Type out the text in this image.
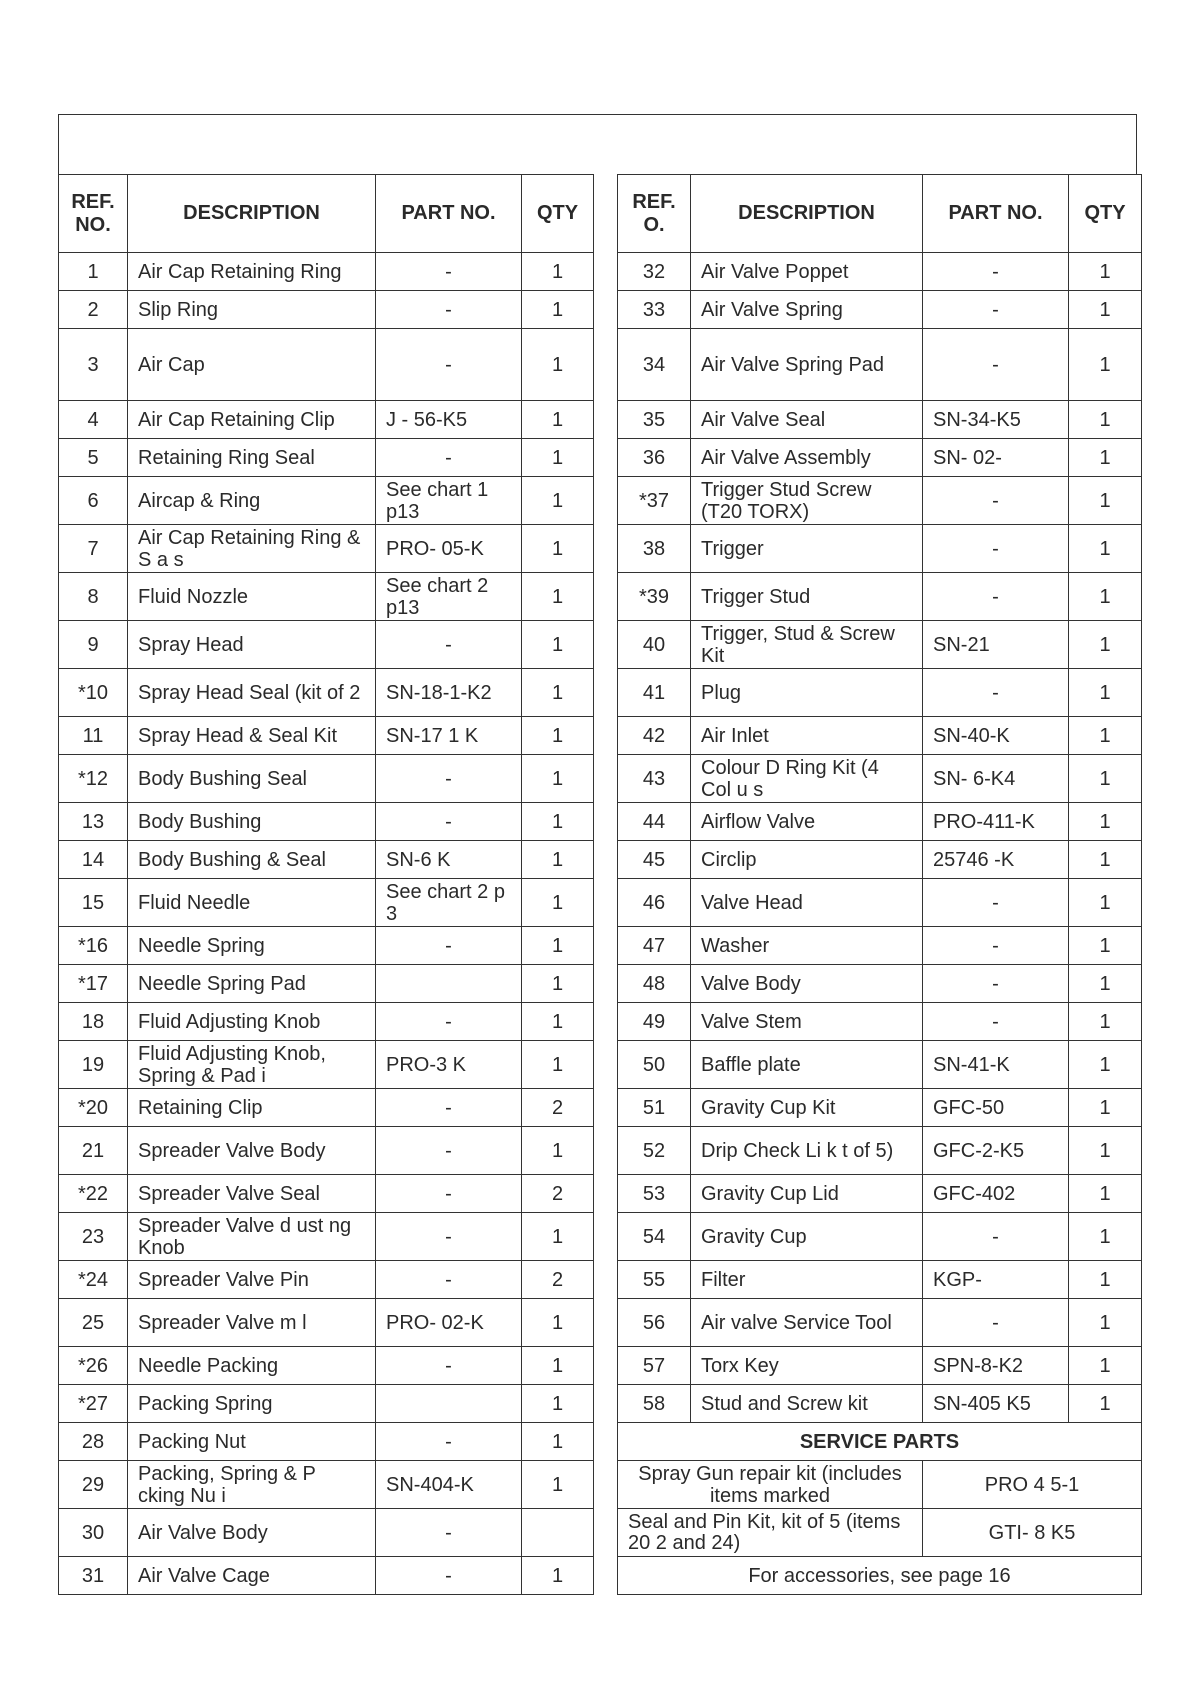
REF. NO.	DESCRIPTION	PART NO.	QTY
1	Air Cap Retaining Ring	-	1
2	Slip Ring	-	1
3	Air Cap	-	1
4	Air Cap Retaining Clip	J - 56-K5	1
5	Retaining Ring Seal	-	1
6	Aircap & Ring	See chart 1 p13	1
7	Air Cap Retaining Ring & S a s	PRO- 05-K	1
8	Fluid Nozzle	See chart 2 p13	1
9	Spray Head	-	1
*10	Spray Head Seal (kit of 2	SN-18-1-K2	1
11	Spray Head & Seal Kit	SN-17 1 K	1
*12	Body Bushing Seal	-	1
13	Body Bushing	-	1
14	Body Bushing & Seal	SN-6 K	1
15	Fluid Needle	See chart 2 p 3	1
*16	Needle Spring	-	1
*17	Needle Spring Pad		1
18	Fluid Adjusting Knob	-	1
19	Fluid Adjusting Knob, Spring & Pad i	PRO-3 K	1
*20	Retaining Clip	-	2
21	Spreader Valve Body	-	1
*22	Spreader Valve Seal	-	2
23	Spreader Valve d ust ng Knob	-	1
*24	Spreader Valve Pin	-	2
25	Spreader Valve m l	PRO- 02-K	1
*26	Needle Packing	-	1
*27	Packing Spring		1
28	Packing Nut	-	1
29	Packing, Spring & P cking Nu i	SN-404-K	1
30	Air Valve Body	-	
31	Air Valve Cage	-	1
REF. O.	DESCRIPTION	PART NO.	QTY
32	Air Valve Poppet	-	1
33	Air Valve Spring	-	1
34	Air Valve Spring Pad	-	1
35	Air Valve Seal	SN-34-K5	1
36	Air Valve Assembly	SN- 02-	1
*37	Trigger Stud Screw (T20 TORX)	-	1
38	Trigger	-	1
*39	Trigger Stud	-	1
40	Trigger, Stud & Screw Kit	SN-21	1
41	Plug	-	1
42	Air Inlet	SN-40-K	1
43	Colour D Ring Kit (4 Col u s	SN- 6-K4	1
44	Airflow Valve	PRO-411-K	1
45	Circlip	25746 -K	1
46	Valve Head	-	1
47	Washer	-	1
48	Valve Body	-	1
49	Valve Stem	-	1
50	Baffle plate	SN-41-K	1
51	Gravity Cup Kit	GFC-50	1
52	Drip Check Li k t of 5)	GFC-2-K5	1
53	Gravity Cup Lid	GFC-402	1
54	Gravity Cup	-	1
55	Filter	KGP-	1
56	Air valve Service Tool	-	1
57	Torx Key	SPN-8-K2	1
58	Stud and Screw kit	SN-405 K5	1
SERVICE PARTS			
Spray Gun repair kit (includes items marked		PRO 4 5-1	
Seal and Pin Kit, kit of 5 (items 20 2 and 24)		GTI- 8 K5	
For accessories, see page 16			
